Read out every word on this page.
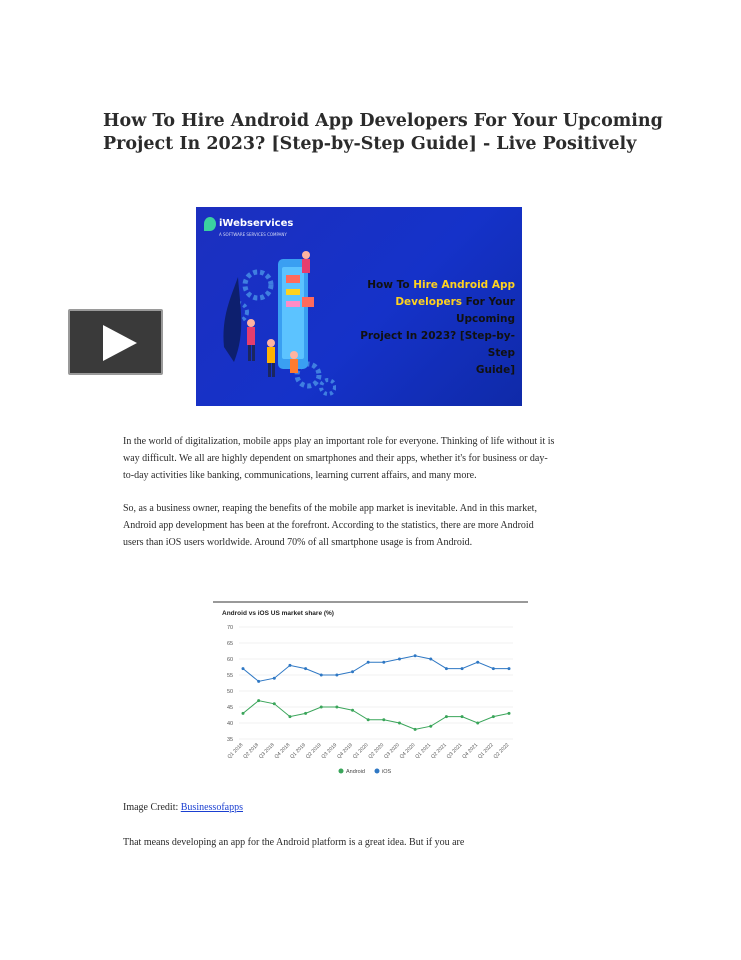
How To Hire Android App Developers For Your Upcoming
Project In 2023? [Step-by-Step Guide] - Live Positively
iWebservices
A SOFTWARE SERVICES COMPANY
How To Hire Android App
Developers For Your Upcoming
Project In 2023? [Step-by-Step
Guide]
In the world of digitalization, mobile apps play an important role for everyone. Thinking of life without it is
way difficult. We all are highly dependent on smartphones and their apps, whether it's for business or day-
to-day activities like banking, communications, learning current affairs, and many more.
So, as a business owner, reaping the benefits of the mobile app market is inevitable. And in this market,
Android app development has been at the forefront. According to the statistics, there are more Android
users than iOS users worldwide. Around 70% of all smartphone usage is from Android.
Android vs iOS US market share (%)
35
40
45
50
55
60
65
70
Q1 2018
Q2 2018
Q3 2018
Q4 2018
Q1 2019
Q2 2019
Q3 2019
Q4 2019
Q1 2020
Q2 2020
Q3 2020
Q4 2020
Q1 2021
Q2 2021
Q3 2021
Q4 2021
Q1 2022
Q2 2022
Android	iOS
Image Credit: Businessofapps
That means developing an app for the Android platform is a great idea. But if you are
